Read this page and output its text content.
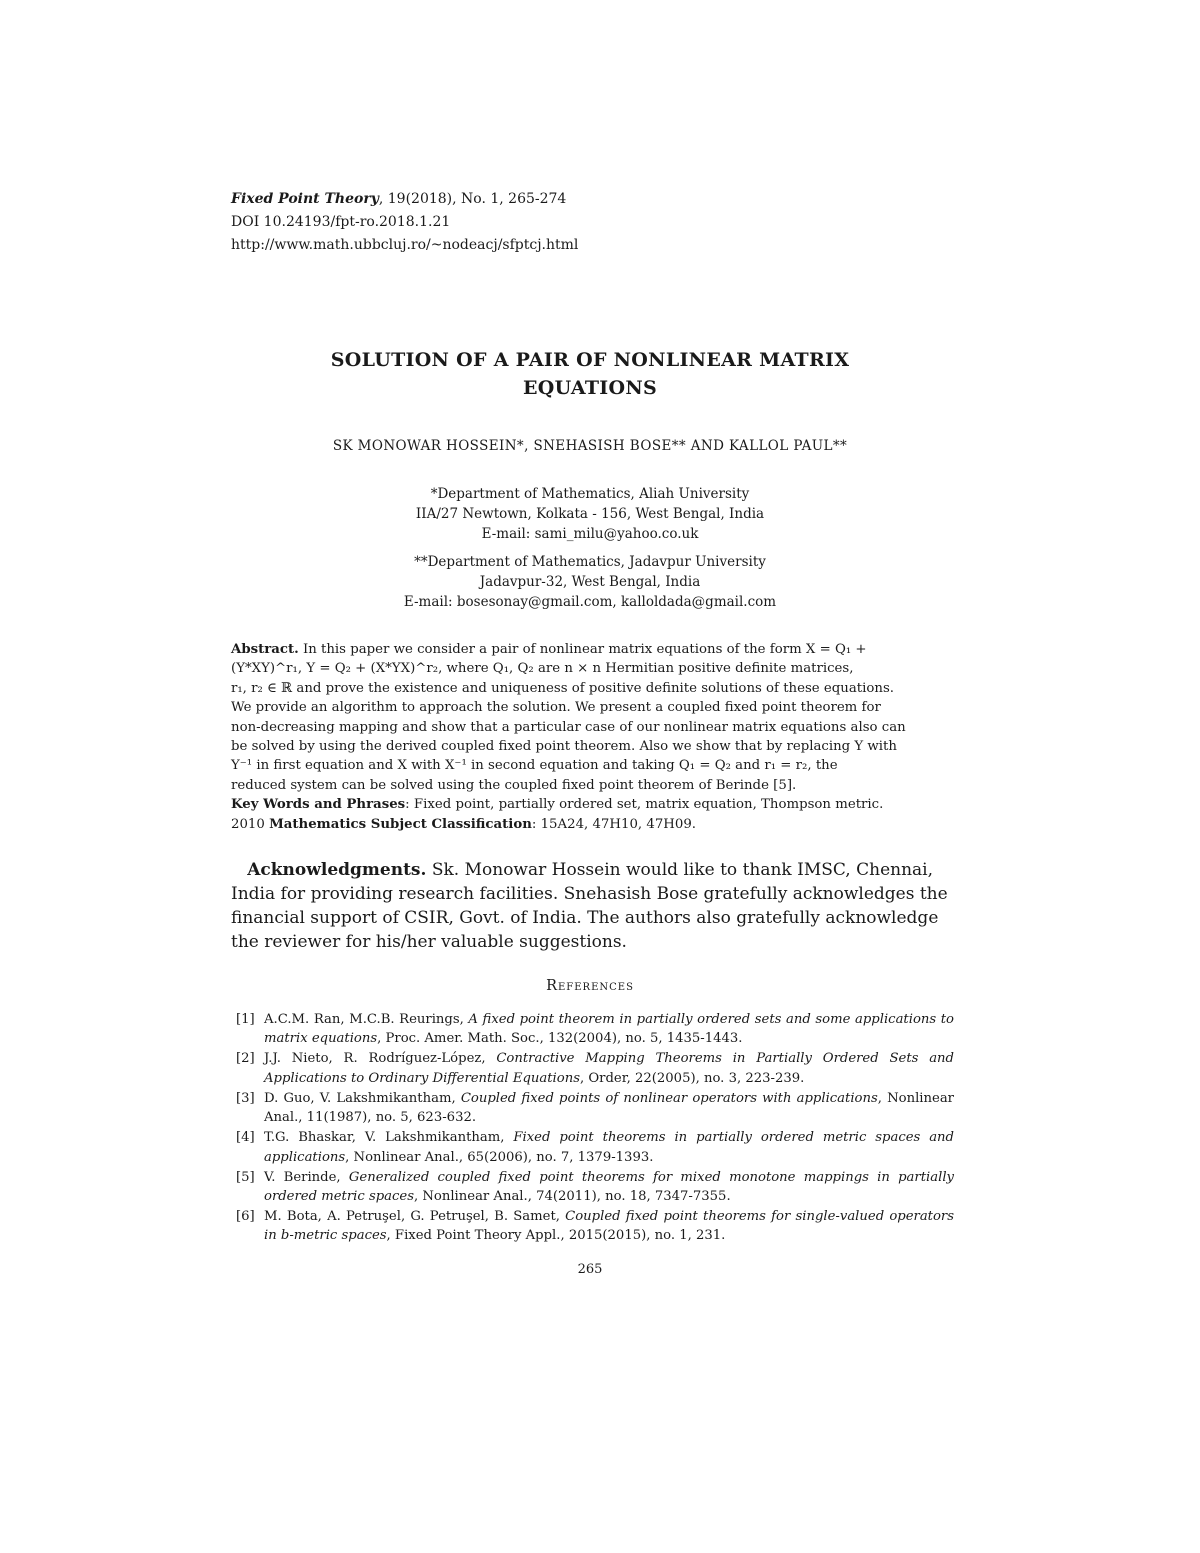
Fixed Point Theory, 19(2018), No. 1, 265-274
DOI 10.24193/fpt-ro.2018.1.21
http://www.math.ubbcluj.ro/~nodeacj/sfptcj.html
SOLUTION OF A PAIR OF NONLINEAR MATRIX
EQUATIONS
SK MONOWAR HOSSEIN*, SNEHASISH BOSE** AND KALLOL PAUL**
*Department of Mathematics, Aliah University
IIA/27 Newtown, Kolkata - 156, West Bengal, India
E-mail: sami_milu@yahoo.co.uk
**Department of Mathematics, Jadavpur University
Jadavpur-32, West Bengal, India
E-mail: bosesonay@gmail.com, kalloldada@gmail.com
Abstract. In this paper we consider a pair of nonlinear matrix equations of the form X = Q₁ +
(Y*XY)^r₁, Y = Q₂ + (X*YX)^r₂, where Q₁, Q₂ are n × n Hermitian positive definite matrices,
r₁, r₂ ∈ ℝ and prove the existence and uniqueness of positive definite solutions of these equations.
We provide an algorithm to approach the solution. We present a coupled fixed point theorem for
non-decreasing mapping and show that a particular case of our nonlinear matrix equations also can
be solved by using the derived coupled fixed point theorem. Also we show that by replacing Y with
Y⁻¹ in first equation and X with X⁻¹ in second equation and taking Q₁ = Q₂ and r₁ = r₂, the
reduced system can be solved using the coupled fixed point theorem of Berinde [5].
Key Words and Phrases: Fixed point, partially ordered set, matrix equation, Thompson metric.
2010 Mathematics Subject Classification: 15A24, 47H10, 47H09.
Acknowledgments. Sk. Monowar Hossein would like to thank IMSC, Chennai,
India for providing research facilities. Snehasish Bose gratefully acknowledges the
financial support of CSIR, Govt. of India. The authors also gratefully acknowledge
the reviewer for his/her valuable suggestions.
References
[1] A.C.M. Ran, M.C.B. Reurings, A fixed point theorem in partially ordered sets and some applications to matrix equations, Proc. Amer. Math. Soc., 132(2004), no. 5, 1435-1443.
[2] J.J. Nieto, R. Rodríguez-López, Contractive Mapping Theorems in Partially Ordered Sets and Applications to Ordinary Differential Equations, Order, 22(2005), no. 3, 223-239.
[3] D. Guo, V. Lakshmikantham, Coupled fixed points of nonlinear operators with applications, Nonlinear Anal., 11(1987), no. 5, 623-632.
[4] T.G. Bhaskar, V. Lakshmikantham, Fixed point theorems in partially ordered metric spaces and applications, Nonlinear Anal., 65(2006), no. 7, 1379-1393.
[5] V. Berinde, Generalized coupled fixed point theorems for mixed monotone mappings in partially ordered metric spaces, Nonlinear Anal., 74(2011), no. 18, 7347-7355.
[6] M. Bota, A. Petruşel, G. Petruşel, B. Samet, Coupled fixed point theorems for single-valued operators in b-metric spaces, Fixed Point Theory Appl., 2015(2015), no. 1, 231.
265
